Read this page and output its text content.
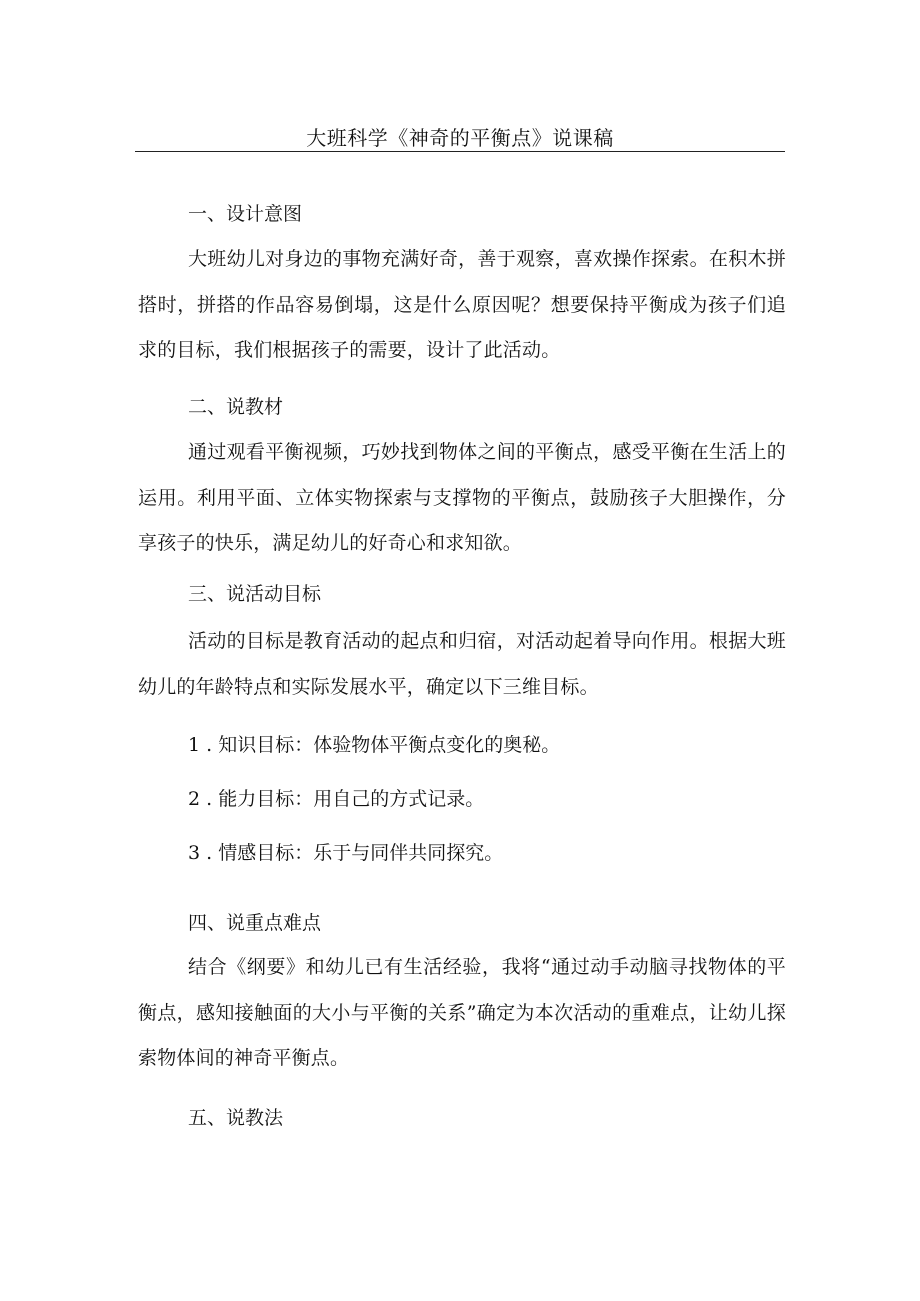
大班科学《神奇的平衡点》说课稿
一、设计意图
大班幼儿对身边的事物充满好奇，善于观察，喜欢操作探索。在积木拼搭时，拼搭的作品容易倒塌，这是什么原因呢？想要保持平衡成为孩子们追求的目标，我们根据孩子的需要，设计了此活动。
二、说教材
通过观看平衡视频，巧妙找到物体之间的平衡点，感受平衡在生活上的运用。利用平面、立体实物探索与支撑物的平衡点，鼓励孩子大胆操作，分享孩子的快乐，满足幼儿的好奇心和求知欲。
三、说活动目标
活动的目标是教育活动的起点和归宿，对活动起着导向作用。根据大班幼儿的年龄特点和实际发展水平，确定以下三维目标。
1 . 知识目标：体验物体平衡点变化的奥秘。
2 . 能力目标：用自己的方式记录。
3 . 情感目标：乐于与同伴共同探究。
四、说重点难点
结合《纲要》和幼儿已有生活经验，我将“通过动手动脑寻找物体的平衡点，感知接触面的大小与平衡的关系”确定为本次活动的重难点，让幼儿探索物体间的神奇平衡点。
五、说教法
